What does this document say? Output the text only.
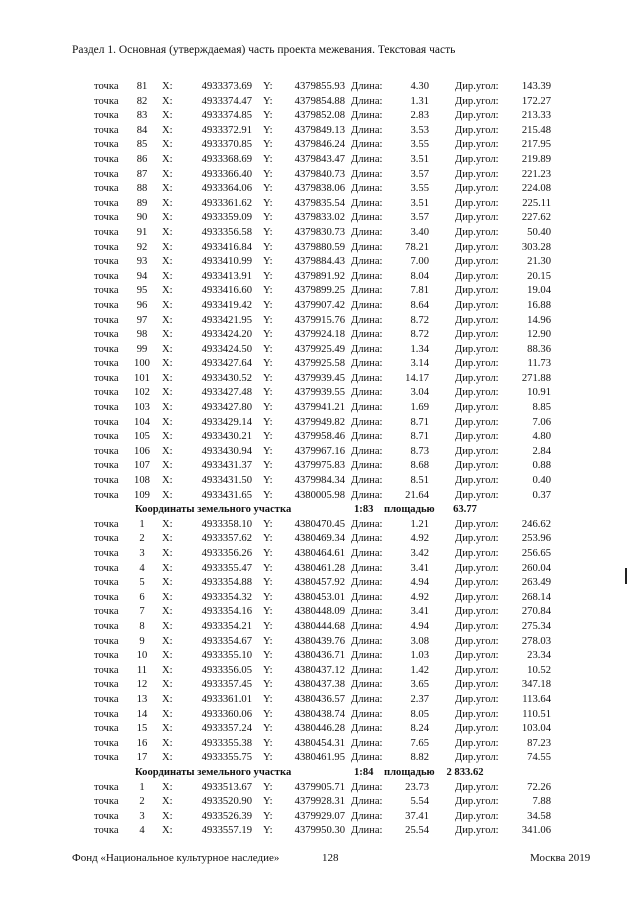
Раздел 1. Основная (утверждаемая) часть проекта межевания. Текстовая часть
точка	81	X:	4933373.69 Y:	4379855.93 Длина:	4.30 Дир.угол:	143.39
точка	82	X:	4933374.47 Y:	4379854.88 Длина:	1.31 Дир.угол:	172.27
точка	83	X:	4933374.85 Y:	4379852.08 Длина:	2.83 Дир.угол:	213.33
точка	84	X:	4933372.91 Y:	4379849.13 Длина:	3.53 Дир.угол:	215.48
точка	85	X:	4933370.85 Y:	4379846.24 Длина:	3.55 Дир.угол:	217.95
точка	86	X:	4933368.69 Y:	4379843.47 Длина:	3.51 Дир.угол:	219.89
точка	87	X:	4933366.40 Y:	4379840.73 Длина:	3.57 Дир.угол:	221.23
точка	88	X:	4933364.06 Y:	4379838.06 Длина:	3.55 Дир.угол:	224.08
точка	89	X:	4933361.62 Y:	4379835.54 Длина:	3.51 Дир.угол:	225.11
точка	90	X:	4933359.09 Y:	4379833.02 Длина:	3.57 Дир.угол:	227.62
точка	91	X:	4933356.58 Y:	4379830.73 Длина:	3.40 Дир.угол:	50.40
точка	92	X:	4933416.84 Y:	4379880.59 Длина:	78.21 Дир.угол:	303.28
точка	93	X:	4933410.99 Y:	4379884.43 Длина:	7.00 Дир.угол:	21.30
точка	94	X:	4933413.91 Y:	4379891.92 Длина:	8.04 Дир.угол:	20.15
точка	95	X:	4933416.60 Y:	4379899.25 Длина:	7.81 Дир.угол:	19.04
точка	96	X:	4933419.42 Y:	4379907.42 Длина:	8.64 Дир.угол:	16.88
точка	97	X:	4933421.95 Y:	4379915.76 Длина:	8.72 Дир.угол:	14.96
точка	98	X:	4933424.20 Y:	4379924.18 Длина:	8.72 Дир.угол:	12.90
точка	99	X:	4933424.50 Y:	4379925.49 Длина:	1.34 Дир.угол:	88.36
точка 100 X:	4933427.64 Y:	4379925.58 Длина:	3.14 Дир.угол:	11.73
точка 101 X:	4933430.52 Y:	4379939.45 Длина:	14.17 Дир.угол:	271.88
точка 102 X:	4933427.48 Y:	4379939.55 Длина:	3.04 Дир.угол:	10.91
точка 103 X:	4933427.80 Y:	4379941.21 Длина:	1.69 Дир.угол:	8.85
точка 104 X:	4933429.14 Y:	4379949.82 Длина:	8.71 Дир.угол:	7.06
точка 105 X:	4933430.21 Y:	4379958.46 Длина:	8.71 Дир.угол:	4.80
точка 106 X:	4933430.94 Y:	4379967.16 Длина:	8.73 Дир.угол:	2.84
точка 107 X:	4933431.37 Y:	4379975.83 Длина:	8.68 Дир.угол:	0.88
точка 108 X:	4933431.50 Y:	4379984.34 Длина:	8.51 Дир.угол:	0.40
точка 109 X:	4933431.65 Y:	4380005.98 Длина:	21.64 Дир.угол:	0.37
Координаты земельного участка	1:83 площадью	63.77
точка	1	X:	4933358.10 Y:	4380470.45 Длина:	1.21 Дир.угол:	246.62
точка	2	X:	4933357.62 Y:	4380469.34 Длина:	4.92 Дир.угол:	253.96
точка	3	X:	4933356.26 Y:	4380464.61 Длина:	3.42 Дир.угол:	256.65
точка	4	X:	4933355.47 Y:	4380461.28 Длина:	3.41 Дир.угол:	260.04
точка	5	X:	4933354.88 Y:	4380457.92 Длина:	4.94 Дир.угол:	263.49
точка	6	X:	4933354.32 Y:	4380453.01 Длина:	4.92 Дир.угол:	268.14
точка	7	X:	4933354.16 Y:	4380448.09 Длина:	3.41 Дир.угол:	270.84
точка	8	X:	4933354.21 Y:	4380444.68 Длина:	4.94 Дир.угол:	275.34
точка	9	X:	4933354.67 Y:	4380439.76 Длина:	3.08 Дир.угол:	278.03
точка	10	X:	4933355.10 Y:	4380436.71 Длина:	1.03 Дир.угол:	23.34
точка	11	X:	4933356.05 Y:	4380437.12 Длина:	1.42 Дир.угол:	10.52
точка	12	X:	4933357.45 Y:	4380437.38 Длина:	3.65 Дир.угол:	347.18
точка	13	X:	4933361.01 Y:	4380436.57 Длина:	2.37 Дир.угол:	113.64
точка	14	X:	4933360.06 Y:	4380438.74 Длина:	8.05 Дир.угол:	110.51
точка	15	X:	4933357.24 Y:	4380446.28 Длина:	8.24 Дир.угол:	103.04
точка	16	X:	4933355.38 Y:	4380454.31 Длина:	7.65 Дир.угол:	87.23
точка	17	X:	4933355.75 Y:	4380461.95 Длина:	8.82 Дир.угол:	74.55
Координаты земельного участка	1:84 площадью	2 833.62
точка	1	X:	4933513.67 Y:	4379905.71 Длина:	23.73 Дир.угол:	72.26
точка	2	X:	4933520.90 Y:	4379928.31 Длина:	5.54 Дир.угол:	7.88
точка	3	X:	4933526.39 Y:	4379929.07 Длина:	37.41 Дир.угол:	34.58
точка	4	X:	4933557.19 Y:	4379950.30 Длина:	25.54 Дир.угол:	341.06
Фонд «Национальное культурное наследие»	128	Москва 2019
